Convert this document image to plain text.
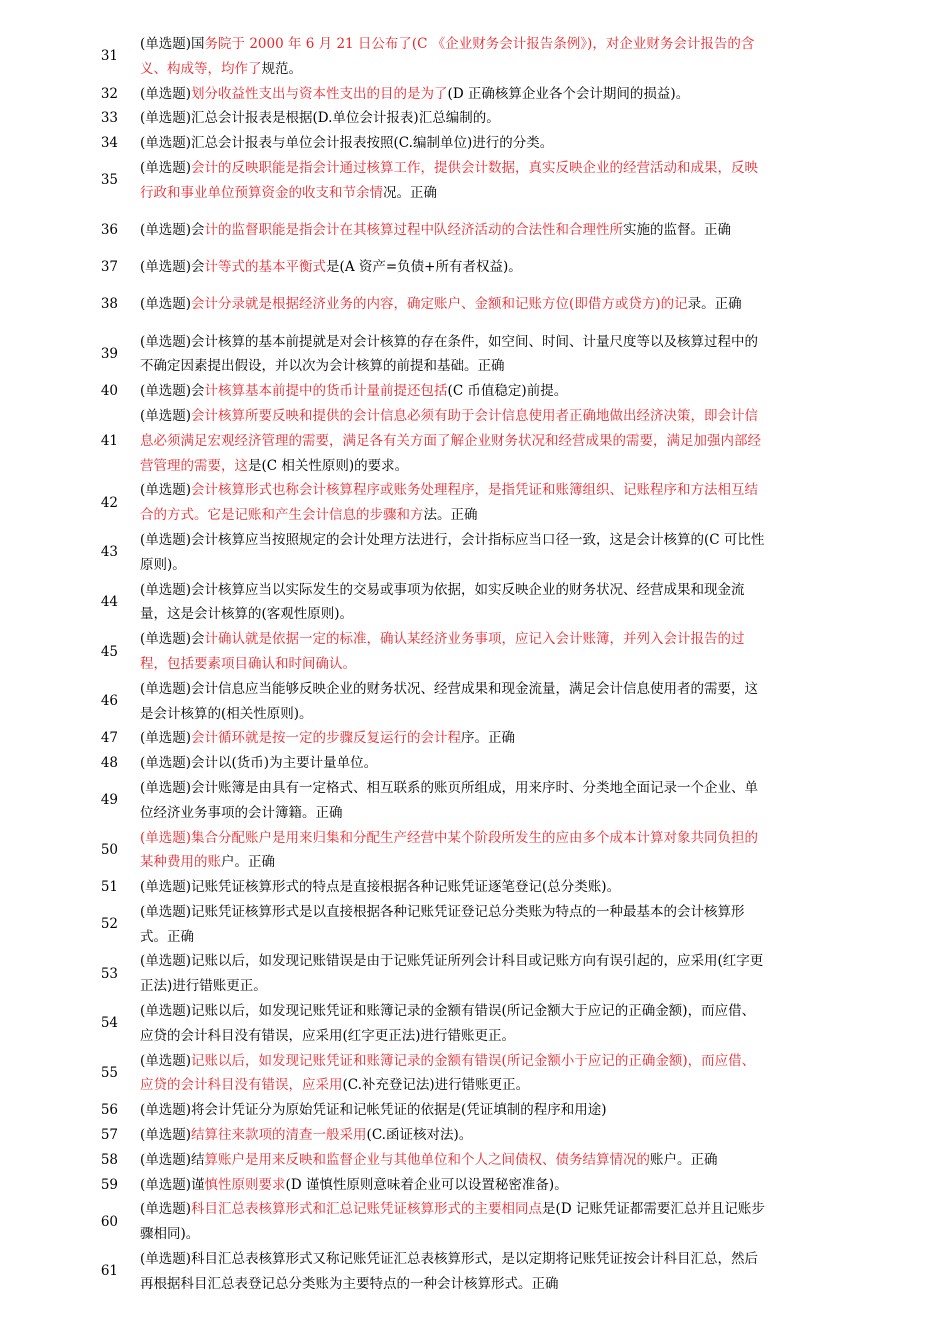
31
(单选题)国务院于 2000 年 6 月 21 日公布了(C 《企业财务会计报告条例》)，对企业财务会计报告的含义、构成等，均作了规范。
32	(单选题)划分收益性支出与资本性支出的目的是为了(D 正确核算企业各个会计期间的损益)。
33	(单选题)汇总会计报表是根据(D.单位会计报表)汇总编制的。
34	(单选题)汇总会计报表与单位会计报表按照(C.编制单位)进行的分类。
35
(单选题)会计的反映职能是指会计通过核算工作，提供会计数据，真实反映企业的经营活动和成果，反映行政和事业单位预算资金的收支和节余情况。正确
36	(单选题)会计的监督职能是指会计在其核算过程中队经济活动的合法性和合理性所实施的监督。正确
37	(单选题)会计等式的基本平衡式是(A 资产=负债+所有者权益)。
38	(单选题)会计分录就是根据经济业务的内容，确定账户、金额和记账方位(即借方或贷方)的记录。正确
39
(单选题)会计核算的基本前提就是对会计核算的存在条件，如空间、时间、计量尺度等以及核算过程中的不确定因素提出假设，并以次为会计核算的前提和基础。正确
40	(单选题)会计核算基本前提中的货币计量前提还包括(C 币值稳定)前提。
41
(单选题)会计核算所要反映和提供的会计信息必须有助于会计信息使用者正确地做出经济决策，即会计信息必须满足宏观经济管理的需要，满足各有关方面了解企业财务状况和经营成果的需要，满足加强内部经营管理的需要，这是(C 相关性原则)的要求。
42
(单选题)会计核算形式也称会计核算程序或账务处理程序，是指凭证和账簿组织、记账程序和方法相互结合的方式。它是记账和产生会计信息的步骤和方法。正确
43
(单选题)会计核算应当按照规定的会计处理方法进行，会计指标应当口径一致，这是会计核算的(C 可比性原则)。
44
(单选题)会计核算应当以实际发生的交易或事项为依据，如实反映企业的财务状况、经营成果和现金流量，这是会计核算的(客观性原则)。
45
(单选题)会计确认就是依据一定的标准，确认某经济业务事项，应记入会计账簿，并列入会计报告的过程，包括要素项目确认和时间确认。
46
(单选题)会计信息应当能够反映企业的财务状况、经营成果和现金流量，满足会计信息使用者的需要，这是会计核算的(相关性原则)。
47	(单选题)会计循环就是按一定的步骤反复运行的会计程序。正确
48	(单选题)会计以(货币)为主要计量单位。
49
(单选题)会计账簿是由具有一定格式、相互联系的账页所组成，用来序时、分类地全面记录一个企业、单位经济业务事项的会计簿籍。正确
50
(单选题)集合分配账户是用来归集和分配生产经营中某个阶段所发生的应由多个成本计算对象共同负担的某种费用的账户。正确
51	(单选题)记账凭证核算形式的特点是直接根据各种记账凭证逐笔登记(总分类账)。
52
(单选题)记账凭证核算形式是以直接根据各种记账凭证登记总分类账为特点的一种最基本的会计核算形式。正确
53
(单选题)记账以后，如发现记账错误是由于记账凭证所列会计科目或记账方向有误引起的，应采用(红字更正法)进行错账更正。
54
(单选题)记账以后，如发现记账凭证和账簿记录的金额有错误(所记金额大于应记的正确金额)，而应借、应贷的会计科目没有错误，应采用(红字更正法)进行错账更正。
55
(单选题)记账以后，如发现记账凭证和账簿记录的金额有错误(所记金额小于应记的正确金额)，而应借、应贷的会计科目没有错误，应采用(C.补充登记法)进行错账更正。
56	(单选题)将会计凭证分为原始凭证和记帐凭证的依据是(凭证填制的程序和用途)
57	(单选题)结算往来款项的清查一般采用(C.函证核对法)。
58	(单选题)结算账户是用来反映和监督企业与其他单位和个人之间债权、债务结算情况的账户。正确
59	(单选题)谨慎性原则要求(D 谨慎性原则意味着企业可以设置秘密准备)。
60
(单选题)科目汇总表核算形式和汇总记账凭证核算形式的主要相同点是(D 记账凭证都需要汇总并且记账步骤相同)。
61
(单选题)科目汇总表核算形式又称记账凭证汇总表核算形式，是以定期将记账凭证按会计科目汇总，然后再根据科目汇总表登记总分类账为主要特点的一种会计核算形式。正确
